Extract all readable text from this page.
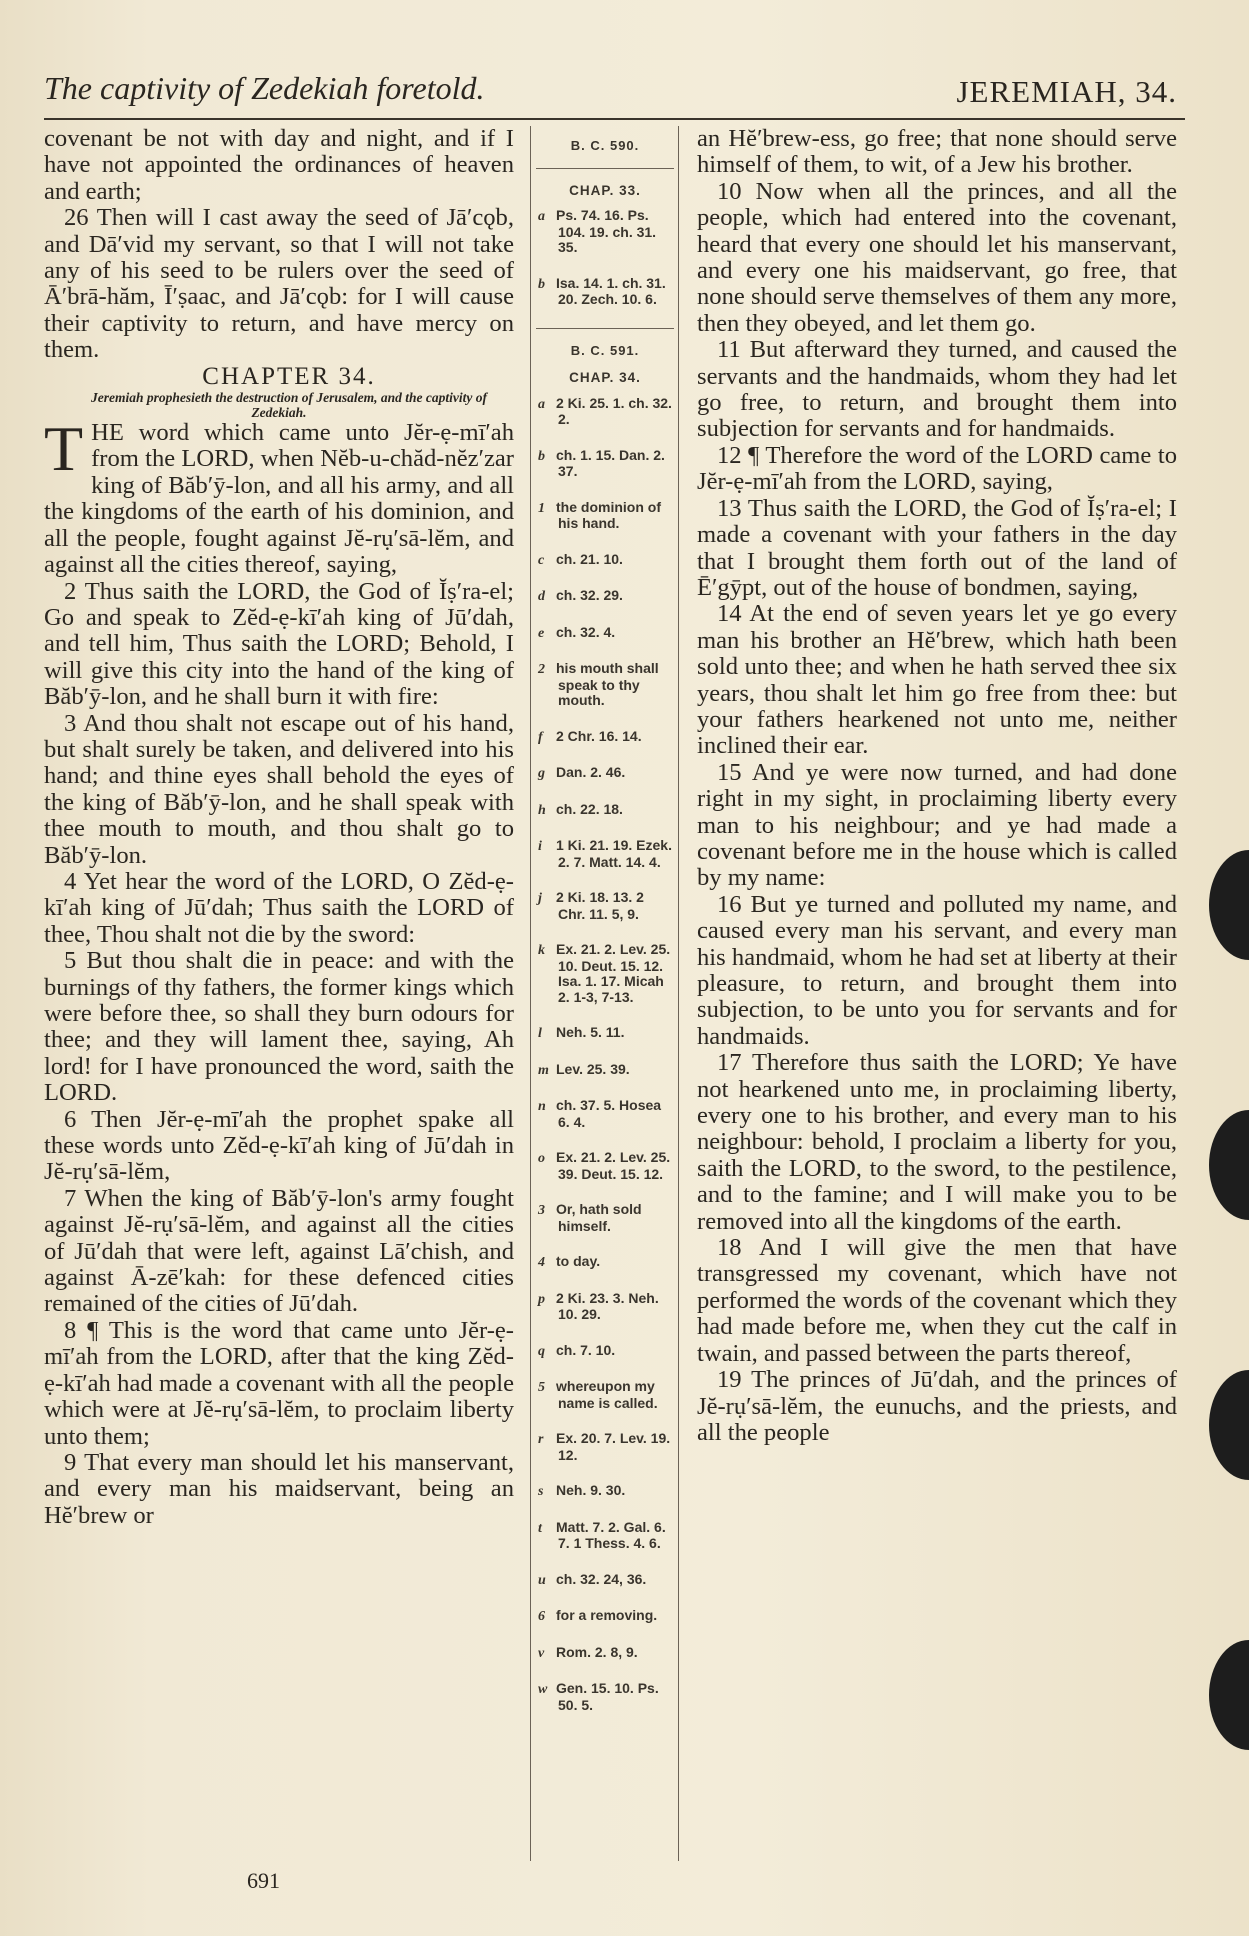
The captivity of Zedekiah foretold.	JEREMIAH, 34.

covenant be not with day and night, and if I have not appointed the ordinances of heaven and earth;

26 Then will I cast away the seed of Jā′cǫb, and Dā′vid my servant, so that I will not take any of his seed to be rulers over the seed of Ā′brā-hăm, Ī′ṣaac, and Jā′cǫb: for I will cause their captivity to return, and have mercy on them.

CHAPTER 34.

Jeremiah prophesieth the destruction of Jerusalem, and the captivity of Zedekiah.

THE word which came unto Jĕr-ẹ-mī′ah from the LORD, when Nĕb-u-chăd-nĕz′zar king of Băb′ȳ-lon, and all his army, and all the kingdoms of the earth of his dominion, and all the people, fought against Jĕ-rụ′sā-lĕm, and against all the cities thereof, saying,

2 Thus saith the LORD, the God of Ĭṣ′ra-el; Go and speak to Zĕd-ẹ-kī′ah king of Jū′dah, and tell him, Thus saith the LORD; Behold, I will give this city into the hand of the king of Băb′ȳ-lon, and he shall burn it with fire:

3 And thou shalt not escape out of his hand, but shalt surely be taken, and delivered into his hand; and thine eyes shall behold the eyes of the king of Băb′ȳ-lon, and he shall speak with thee mouth to mouth, and thou shalt go to Băb′ȳ-lon.

4 Yet hear the word of the LORD, O Zĕd-ẹ-kī′ah king of Jū′dah; Thus saith the LORD of thee, Thou shalt not die by the sword:

5 But thou shalt die in peace: and with the burnings of thy fathers, the former kings which were before thee, so shall they burn odours for thee; and they will lament thee, saying, Ah lord! for I have pronounced the word, saith the LORD.

6 Then Jĕr-ẹ-mī′ah the prophet spake all these words unto Zĕd-ẹ-kī′ah king of Jū′dah in Jĕ-rụ′sā-lĕm,

7 When the king of Băb′ȳ-lon's army fought against Jĕ-rụ′sā-lĕm, and against all the cities of Jū′dah that were left, against Lā′chish, and against Ā-zē′kah: for these defenced cities remained of the cities of Jū′dah.

8 ¶ This is the word that came unto Jĕr-ẹ-mī′ah from the LORD, after that the king Zĕd-ẹ-kī′ah had made a covenant with all the people which were at Jĕ-rụ′sā-lĕm, to proclaim liberty unto them;

9 That every man should let his manservant, and every man his maidservant, being an Hĕ′brew or

B. C. 590.
CHAP. 33.
a Ps. 74. 16. Ps. 104. 19. ch. 31. 35.
b Isa. 14. 1. ch. 31. 20. Zech. 10. 6.
B. C. 591.
CHAP. 34.
a 2 Ki. 25. 1. ch. 32. 2.
b ch. 1. 15. Dan. 2. 37.
1 the dominion of his hand.
c ch. 21. 10.
d ch. 32. 29.
e ch. 32. 4.
2 his mouth shall speak to thy mouth.
f 2 Chr. 16. 14.
g Dan. 2. 46.
h ch. 22. 18.
i 1 Ki. 21. 19. Ezek. 2. 7. Matt. 14. 4.
j 2 Ki. 18. 13. 2 Chr. 11. 5, 9.
k Ex. 21. 2. Lev. 25. 10. Deut. 15. 12. Isa. 1. 17. Micah 2. 1-3, 7-13.
l Neh. 5. 11.
m Lev. 25. 39.
n ch. 37. 5. Hosea 6. 4.
o Ex. 21. 2. Lev. 25. 39. Deut. 15. 12.
3 Or, hath sold himself.
4 to day.
p 2 Ki. 23. 3. Neh. 10. 29.
q ch. 7. 10.
5 whereupon my name is called.
r Ex. 20. 7. Lev. 19. 12.
s Neh. 9. 30.
t Matt. 7. 2. Gal. 6. 7. 1 Thess. 4. 6.
u ch. 32. 24, 36.
6 for a removing.
v Rom. 2. 8, 9.
w Gen. 15. 10. Ps. 50. 5.

an Hĕ′brew-ess, go free; that none should serve himself of them, to wit, of a Jew his brother.

10 Now when all the princes, and all the people, which had entered into the covenant, heard that every one should let his manservant, and every one his maidservant, go free, that none should serve themselves of them any more, then they obeyed, and let them go.

11 But afterward they turned, and caused the servants and the handmaids, whom they had let go free, to return, and brought them into subjection for servants and for handmaids.

12 ¶ Therefore the word of the LORD came to Jĕr-ẹ-mī′ah from the LORD, saying,

13 Thus saith the LORD, the God of Ĭṣ′ra-el; I made a covenant with your fathers in the day that I brought them forth out of the land of Ē′gȳpt, out of the house of bondmen, saying,

14 At the end of seven years let ye go every man his brother an Hĕ′brew, which hath been sold unto thee; and when he hath served thee six years, thou shalt let him go free from thee: but your fathers hearkened not unto me, neither inclined their ear.

15 And ye were now turned, and had done right in my sight, in proclaiming liberty every man to his neighbour; and ye had made a covenant before me in the house which is called by my name:

16 But ye turned and polluted my name, and caused every man his servant, and every man his handmaid, whom he had set at liberty at their pleasure, to return, and brought them into subjection, to be unto you for servants and for handmaids.

17 Therefore thus saith the LORD; Ye have not hearkened unto me, in proclaiming liberty, every one to his brother, and every man to his neighbour: behold, I proclaim a liberty for you, saith the LORD, to the sword, to the pestilence, and to the famine; and I will make you to be removed into all the kingdoms of the earth.

18 And I will give the men that have transgressed my covenant, which have not performed the words of the covenant which they had made before me, when they cut the calf in twain, and passed between the parts thereof,

19 The princes of Jū′dah, and the princes of Jĕ-rụ′sā-lĕm, the eunuchs, and the priests, and all the people

691
